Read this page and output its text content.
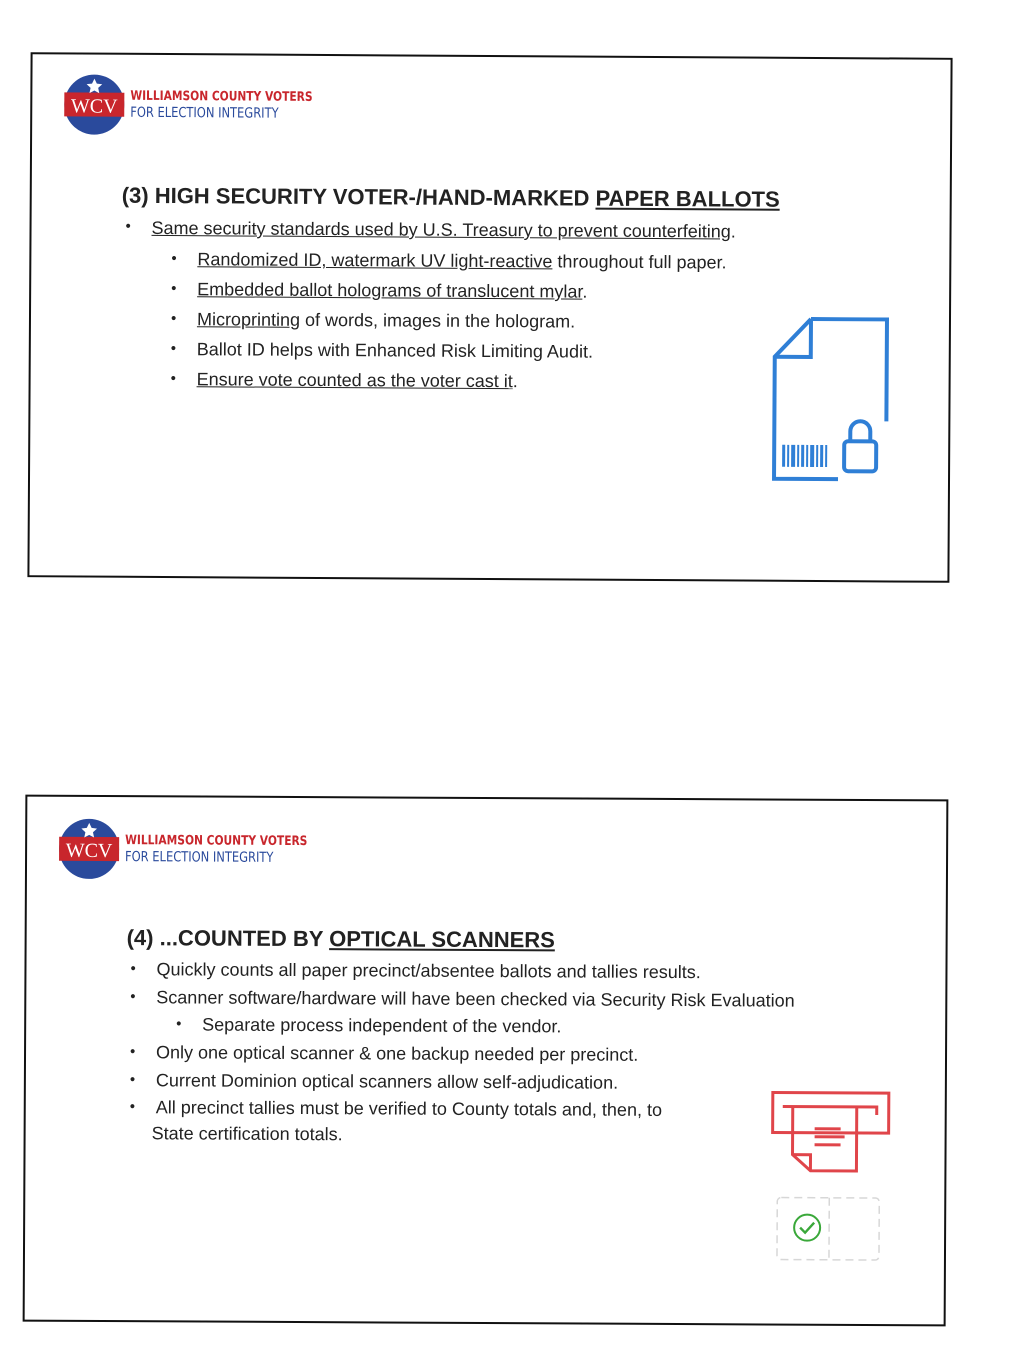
WCV WILLIAMSON COUNTY VOTERS
FOR ELECTION INTEGRITY
(3) HIGH SECURITY VOTER-/HAND-MARKED PAPER BALLOTS
• Same security standards used by U.S. Treasury to prevent counterfeiting.
• Randomized ID, watermark UV light-reactive throughout full paper.
• Embedded ballot holograms of translucent mylar.
• Microprinting of words, images in the hologram.
• Ballot ID helps with Enhanced Risk Limiting Audit.
• Ensure vote counted as the voter cast it.
WCV WILLIAMSON COUNTY VOTERS
FOR ELECTION INTEGRITY
(4) ...COUNTED BY OPTICAL SCANNERS
• Quickly counts all paper precinct/absentee ballots and tallies results.
• Scanner software/hardware will have been checked via Security Risk Evaluation
• Separate process independent of the vendor.
• Only one optical scanner & one backup needed per precinct.
• Current Dominion optical scanners allow self-adjudication.
• All precinct tallies must be verified to County totals and, then, to
State certification totals.
